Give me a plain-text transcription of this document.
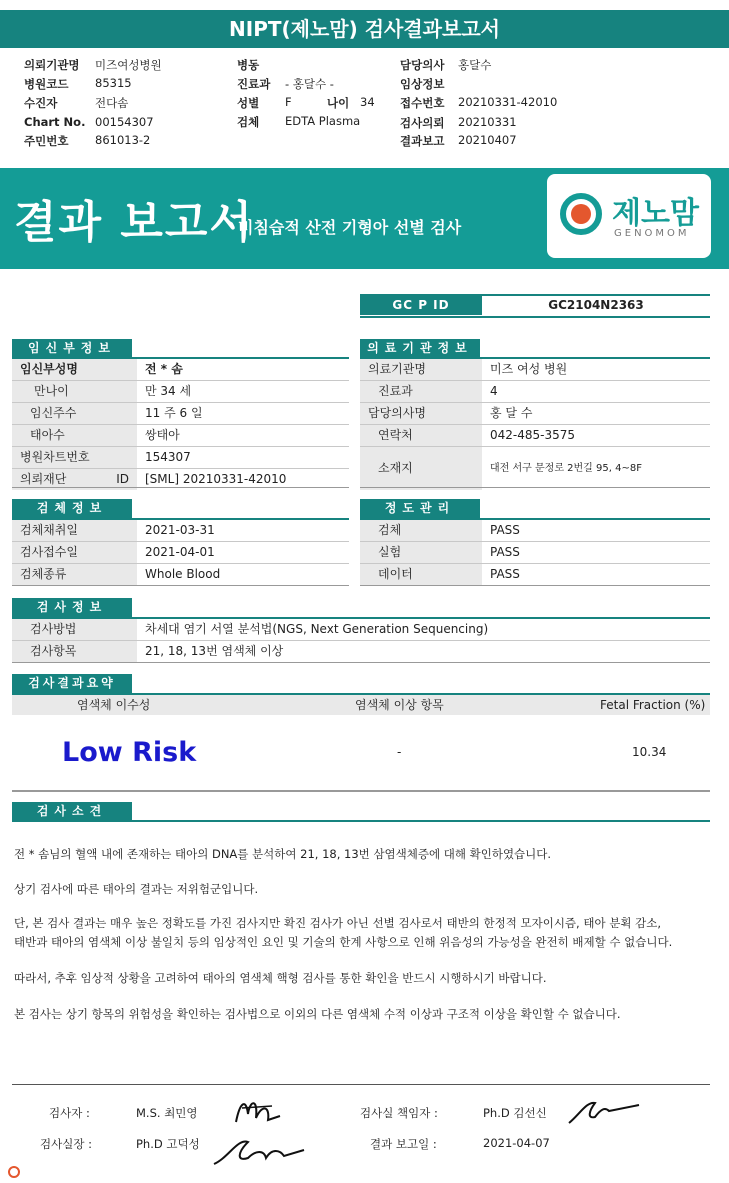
NIPT(제노맘) 검사결과보고서
의뢰기관명 미즈여성병원
병원코드 85315
수진자	전다솜
Chart No. 00154307
주민번호 861013-2
병동
진료과 - 홍달수 -
성별 F	나이 34
검체 EDTA Plasma
담당의사 홍달수
임상정보
접수번호 20210331-42010
검사의뢰 20210331
결과보고 20210407
결과 보고서
비침습적 산전 기형아 선별 검사	제노맘
GENOMOM
GC P ID	GC2104N2363
임신부정보
임신부성명	전 * 솜
만나이	만 34 세
임신주수	11 주 6 일
태아수	쌍태아
병원차트번호	154307
의뢰재단 ID	[SML] 20210331-42010
의료기관정보
의료기관명	미즈 여성 병원
진료과	4
담당의사명	홍 달 수
연락처	042-485-3575
소재지	대전 서구 문정로 2번길 95, 4~8F
검체정보
검체채취일	2021-03-31
검사접수일	2021-04-01
검체종류	Whole Blood
정도관리
검체	PASS
실험	PASS
데이터	PASS
검사정보
검사방법	차세대 염기 서열 분석법(NGS, Next Generation Sequencing)
검사항목	21, 18, 13번 염색체 이상
검사결과요약
염색체 이수성	염색체 이상 항목	Fetal Fraction (%)
Low Risk	-	10.34
검사소견
전 * 솜님의 혈액 내에 존재하는 태아의 DNA를 분석하여 21, 18, 13번 삼염색체증에 대해 확인하였습니다.
상기 검사에 따른 태아의 결과는 저위험군입니다.
단, 본 검사 결과는 매우 높은 정확도를 가진 검사지만 확진 검사가 아닌 선별 검사로서 태반의 한정적 모자이시즘, 태아 분획 감소,
태반과 태아의 염색체 이상 불일치 등의 임상적인 요인 및 기술의 한계 사항으로 인해 위음성의 가능성을 완전히 배제할 수 없습니다.
따라서, 추후 임상적 상황을 고려하여 태아의 염색체 핵형 검사를 통한 확인을 반드시 시행하시기 바랍니다.
본 검사는 상기 항목의 위험성을 확인하는 검사법으로 이외의 다른 염색체 수적 이상과 구조적 이상을 확인할 수 없습니다.
검사자 :	M.S. 최민영	검사실 책임자 :	Ph.D 김선신
검사실장 :	Ph.D 고덕성	결과 보고일 :	2021-04-07
